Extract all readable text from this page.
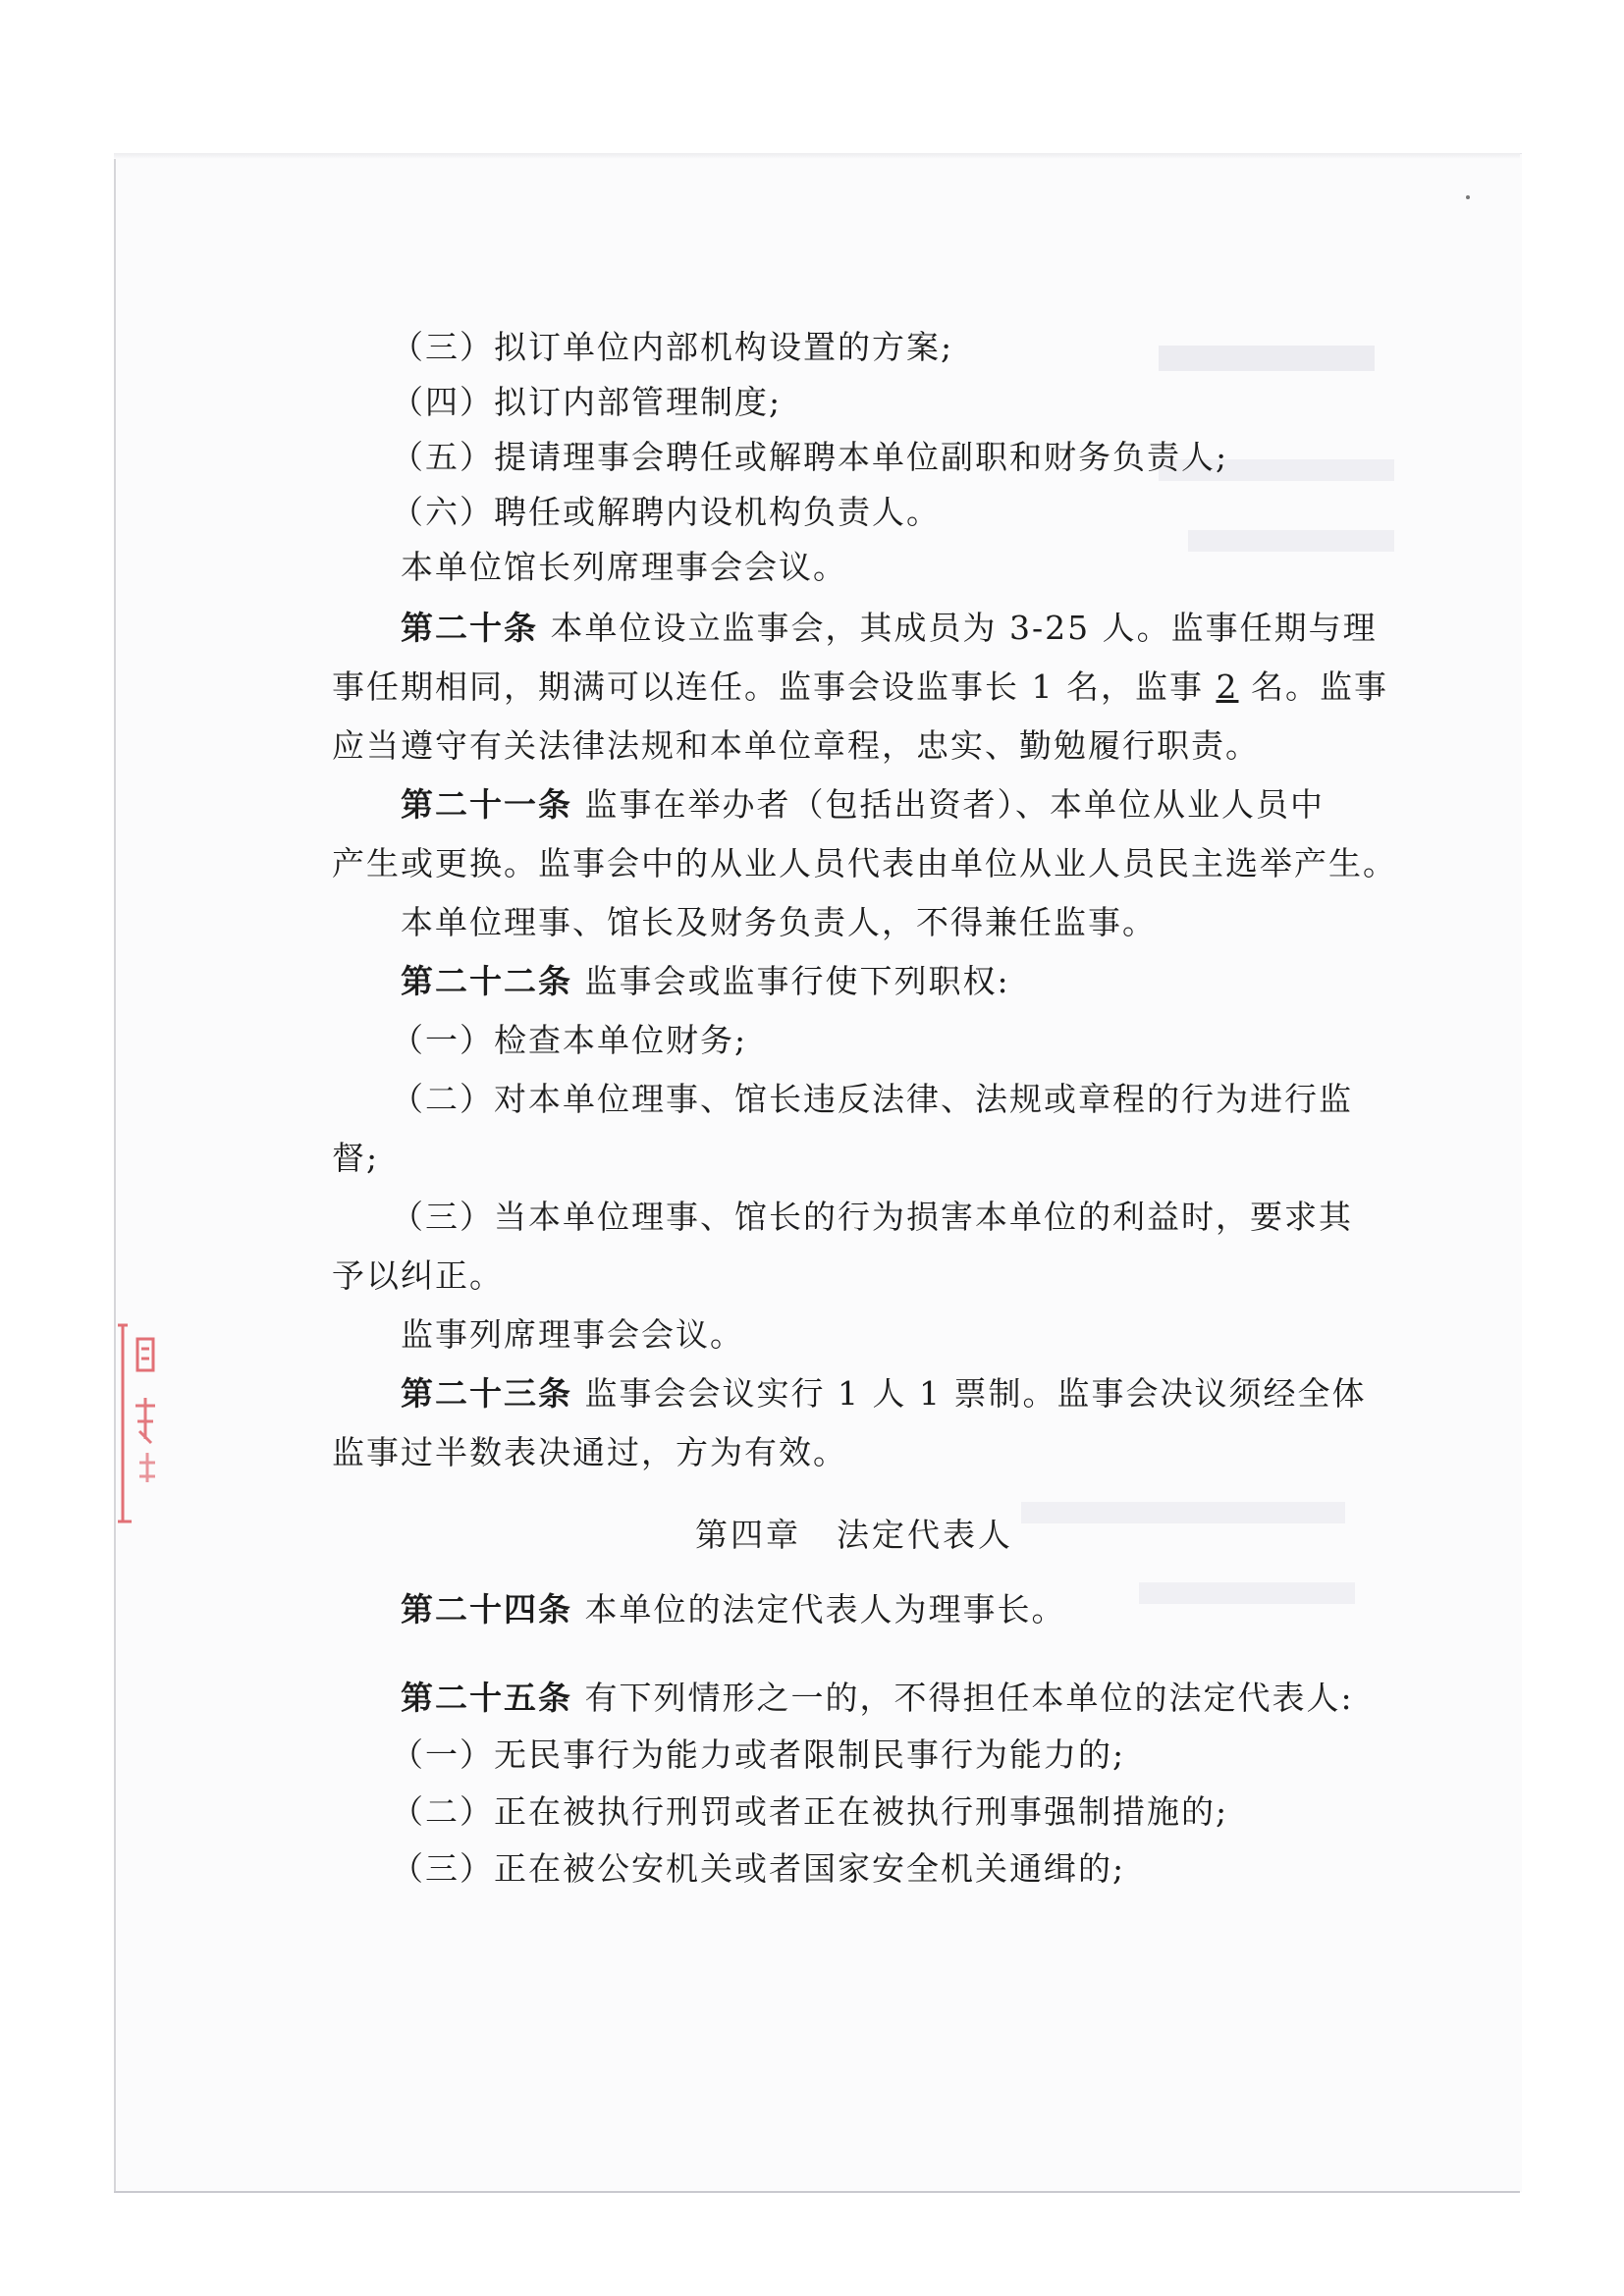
（三）拟订单位内部机构设置的方案;
（四）拟订内部管理制度;
（五）提请理事会聘任或解聘本单位副职和财务负责人;
（六）聘任或解聘内设机构负责人。
本单位馆长列席理事会会议。
第二十条 本单位设立监事会，其成员为 3-25 人。监事任期与理
事任期相同，期满可以连任。监事会设监事长 1 名，监事 2 名。监事
应当遵守有关法律法规和本单位章程，忠实、勤勉履行职责。
第二十一条 监事在举办者（包括出资者）、本单位从业人员中
产生或更换。监事会中的从业人员代表由单位从业人员民主选举产生。
本单位理事、馆长及财务负责人，不得兼任监事。
第二十二条 监事会或监事行使下列职权:
（一）检查本单位财务;
（二）对本单位理事、馆长违反法律、法规或章程的行为进行监
督;
（三）当本单位理事、馆长的行为损害本单位的利益时，要求其
予以纠正。
监事列席理事会会议。
第二十三条 监事会会议实行 1 人 1 票制。监事会决议须经全体
监事过半数表决通过，方为有效。
第四章　法定代表人
第二十四条 本单位的法定代表人为理事长。
第二十五条 有下列情形之一的，不得担任本单位的法定代表人:
（一）无民事行为能力或者限制民事行为能力的;
（二）正在被执行刑罚或者正在被执行刑事强制措施的;
（三）正在被公安机关或者国家安全机关通缉的;
